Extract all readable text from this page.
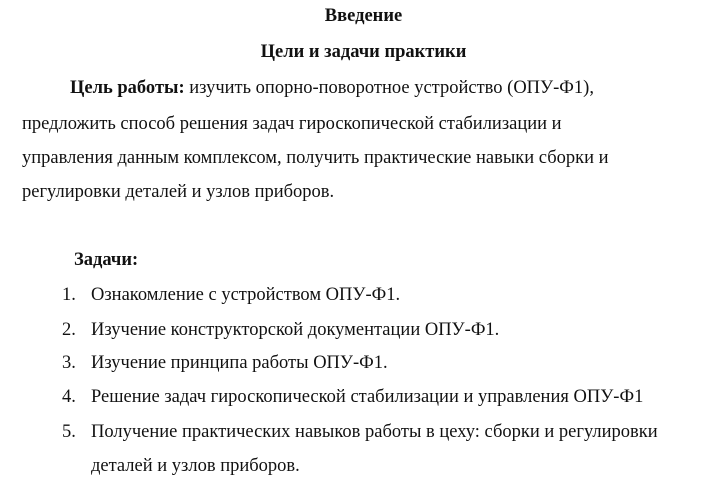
Введение
Цели и задачи практики

Цель работы: изучить опорно-поворотное устройство (ОПУ-Ф1),

предложить способ решения задач гироскопической стабилизации и

управления данным комплексом, получить практические навыки сборки и

регулировки деталей и узлов приборов.

Задачи:

1. Ознакомление с устройством ОПУ-Ф1.
2. Изучение конструкторской документации ОПУ-Ф1.
3. Изучение принципа работы ОПУ-Ф1.
4. Решение задач гироскопической стабилизации и управления ОПУ-Ф1
5. Получение практических навыков работы в цеху: сборки и регулировки
деталей и узлов приборов.
